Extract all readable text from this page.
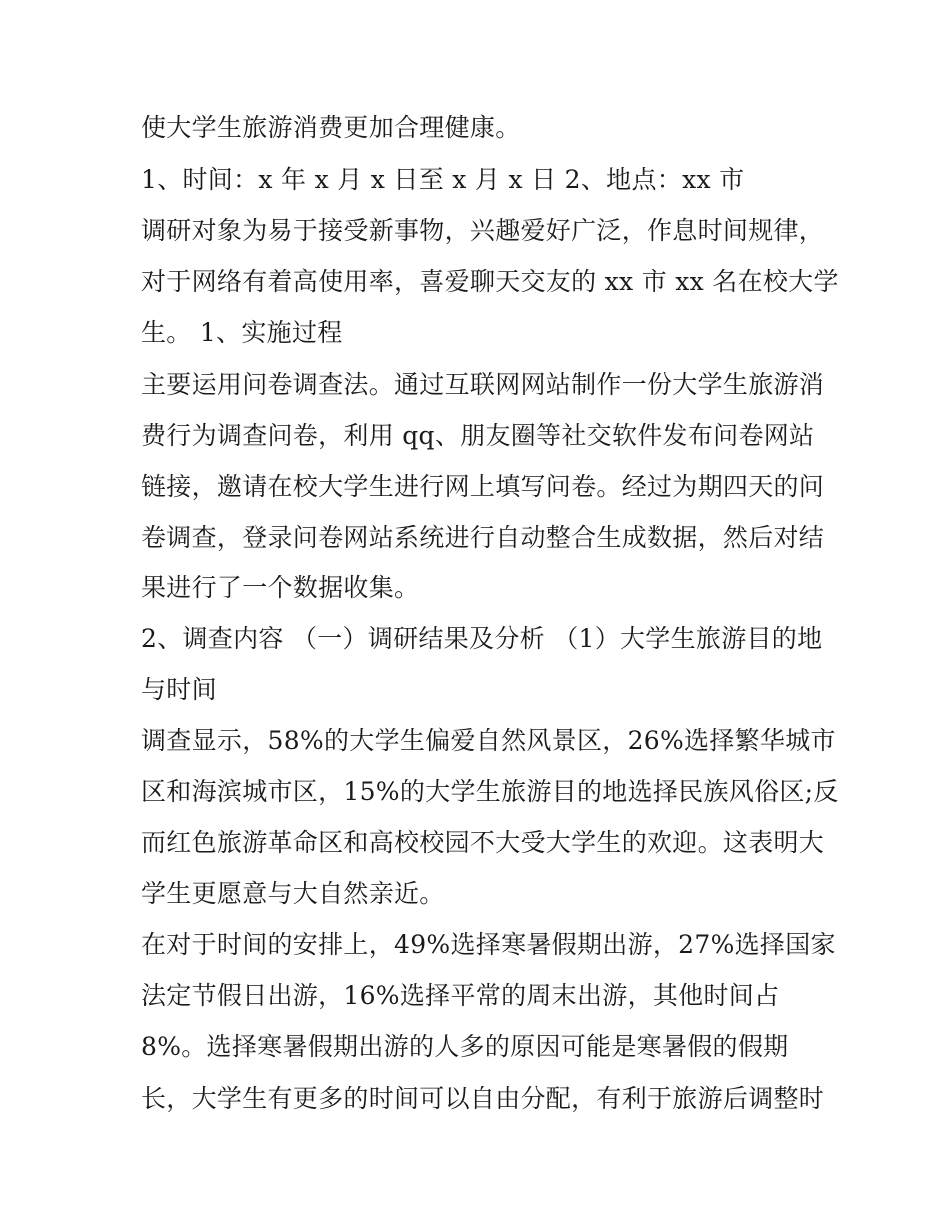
使大学生旅游消费更加合理健康。
1、时间：x 年 x 月 x 日至 x 月 x 日 2、地点：xx 市
调研对象为易于接受新事物，兴趣爱好广泛，作息时间规律，
对于网络有着高使用率，喜爱聊天交友的 xx 市 xx 名在校大学
生。 1、实施过程
主要运用问卷调查法。通过互联网网站制作一份大学生旅游消
费行为调查问卷，利用 qq、朋友圈等社交软件发布问卷网站
链接，邀请在校大学生进行网上填写问卷。经过为期四天的问
卷调查，登录问卷网站系统进行自动整合生成数据，然后对结
果进行了一个数据收集。
2、调查内容 （一）调研结果及分析 （1）大学生旅游目的地
与时间
调查显示，58%的大学生偏爱自然风景区，26%选择繁华城市
区和海滨城市区，15%的大学生旅游目的地选择民族风俗区;反
而红色旅游革命区和高校校园不大受大学生的欢迎。这表明大
学生更愿意与大自然亲近。
在对于时间的安排上，49%选择寒暑假期出游，27%选择国家
法定节假日出游，16%选择平常的周末出游，其他时间占
8%。选择寒暑假期出游的人多的原因可能是寒暑假的假期
长，大学生有更多的时间可以自由分配，有利于旅游后调整时
